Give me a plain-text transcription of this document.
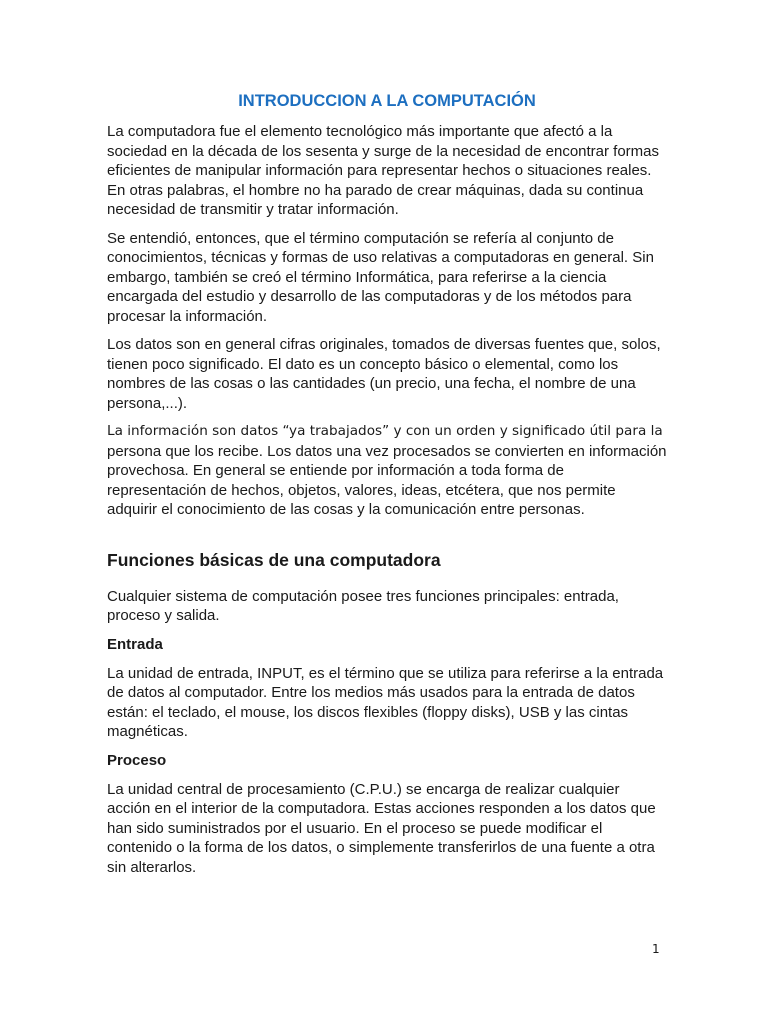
INTRODUCCION A LA COMPUTACIÓN

La computadora fue el elemento tecnológico más importante que afectó a la sociedad en la década de los sesenta y surge de la necesidad de encontrar formas eficientes de manipular información para representar hechos o situaciones reales. En otras palabras, el hombre no ha parado de crear máquinas, dada su continua necesidad de transmitir y tratar información.

Se entendió, entonces, que el término computación se refería al conjunto de conocimientos, técnicas y formas de uso relativas a computadoras en general. Sin embargo, también se creó el término Informática, para referirse a la ciencia encargada del estudio y desarrollo de las computadoras y de los métodos para procesar la información.

Los datos son en general cifras originales, tomados de diversas fuentes que, solos, tienen poco significado. El dato es un concepto básico o elemental, como los nombres de las cosas o las cantidades (un precio, una fecha, el nombre de una persona,...).

La información son datos “ya trabajados” y con un orden y significado útil para la

persona que los recibe. Los datos una vez procesados se convierten en información provechosa. En general se entiende por información a toda forma de representación de hechos, objetos, valores, ideas, etcétera, que nos permite adquirir el conocimiento de las cosas y la comunicación entre personas.

Funciones básicas de una computadora

Cualquier sistema de computación posee tres funciones principales: entrada, proceso y salida.

Entrada

La unidad de entrada, INPUT, es el término que se utiliza para referirse a la entrada de datos al computador. Entre los medios más usados para la entrada de datos están: el teclado, el mouse, los discos flexibles (floppy disks), USB y las cintas magnéticas.

Proceso

La unidad central de procesamiento (C.P.U.) se encarga de realizar cualquier acción en el interior de la computadora. Estas acciones responden a los datos que han sido suministrados por el usuario. En el proceso se puede modificar el contenido o la forma de los datos, o simplemente transferirlos de una fuente a otra sin alterarlos.

1
